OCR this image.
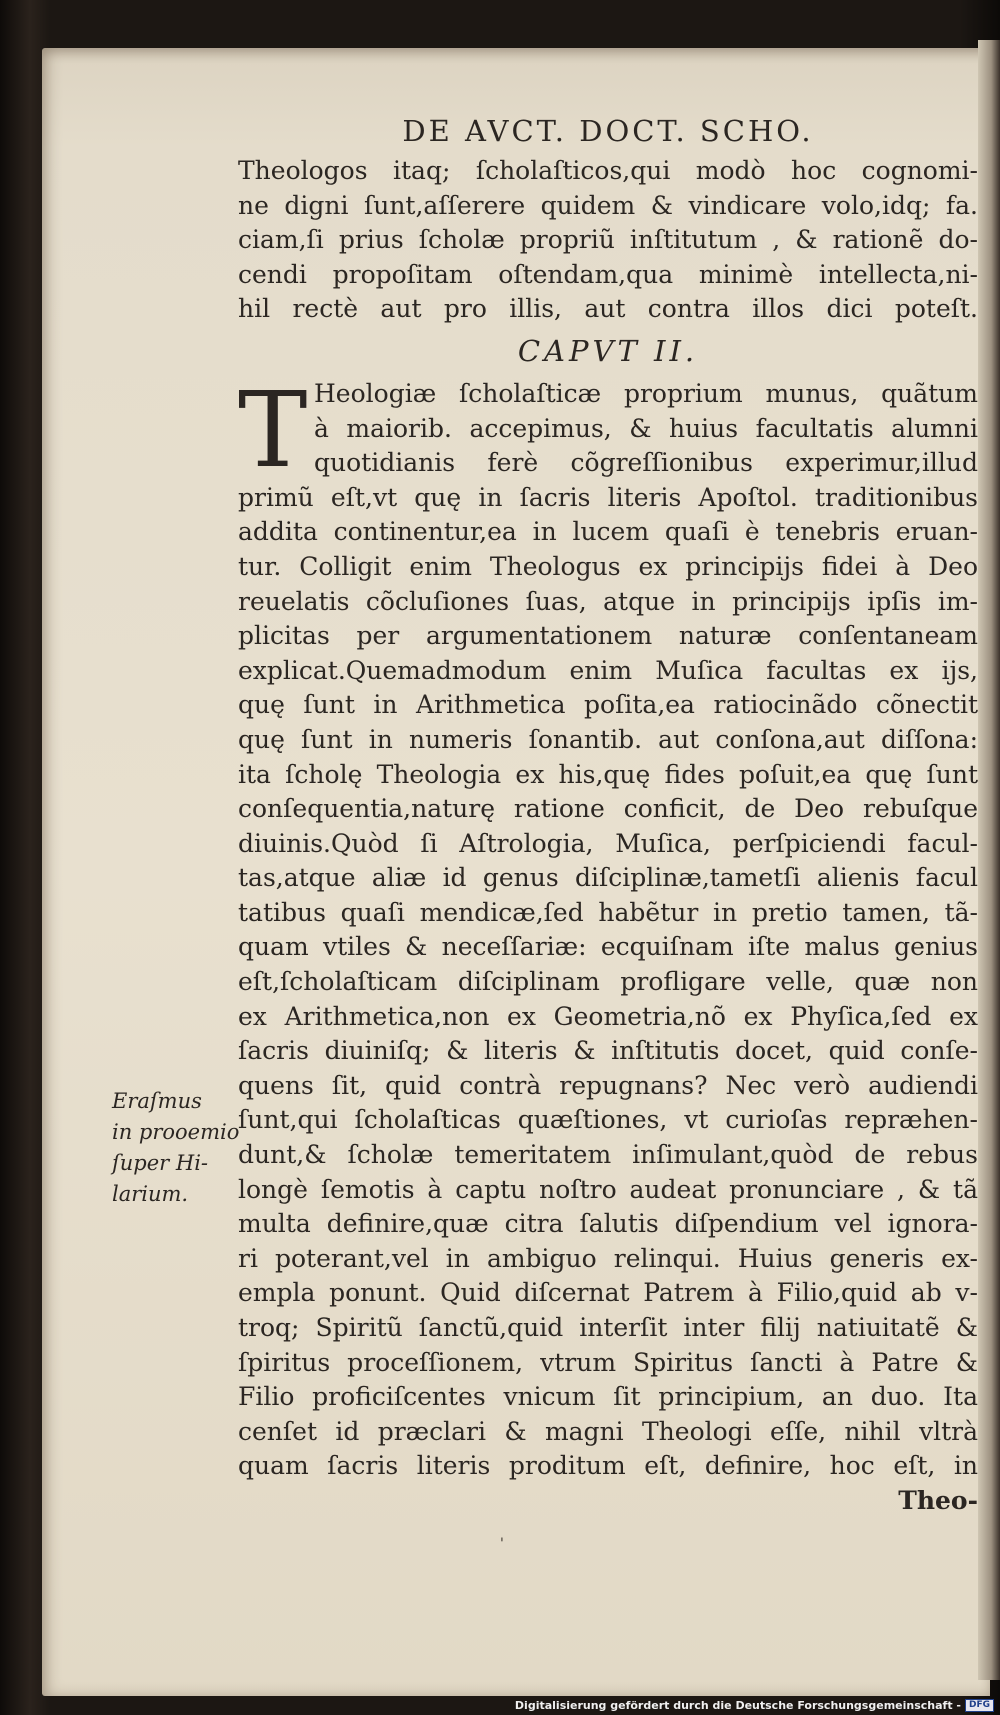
DE AVCT. DOCT. SCHO.
Theologos itaq; ſcholaſticos,qui modò hoc cognomi-
ne digni ſunt,aſſerere quidem & vindicare volo,idq; fa.
ciam,ſi prius ſcholæ propriũ inſtitutum , & rationẽ do-
cendi propoſitam oſtendam,qua minimè intellecta,ni-
hil rectè aut pro illis, aut contra illos dici poteſt.
CAPVT II.
T Heologiæ ſcholaſticæ proprium munus, quãtum
à maiorib. accepimus, & huius facultatis alumni
quotidianis ferè cõgreſſionibus experimur,illud
primũ eſt,vt quę in ſacris literis Apoſtol. traditionibus
addita continentur,ea in lucem quaſi è tenebris eruan-
tur. Colligit enim Theologus ex principijs fidei à Deo
reuelatis cõcluſiones ſuas, atque in principijs ipſis im-
plicitas per argumentationem naturæ conſentaneam
explicat.Quemadmodum enim Muſica facultas ex ijs,
quę ſunt in Arithmetica poſita,ea ratiocinãdo cõnectit
quę ſunt in numeris ſonantib. aut conſona,aut diſſona:
ita ſcholę Theologia ex his,quę fides poſuit,ea quę ſunt
conſequentia,naturę ratione conficit, de Deo rebuſque
diuinis.Quòd ſi Aſtrologia, Muſica, perſpiciendi facul-
tas,atque aliæ id genus diſciplinæ,tametſi alienis facul
tatibus quaſi mendicæ,ſed habẽtur in pretio tamen, tã-
quam vtiles & neceſſariæ: ecquiſnam iſte malus genius
eſt,ſcholaſticam diſciplinam profligare velle, quæ non
ex Arithmetica,non ex Geometria,nõ ex Phyſica,ſed ex
ſacris diuiniſq; & literis & inſtitutis docet, quid conſe-
quens ſit, quid contrà repugnans? Nec verò audiendi
ſunt,qui ſcholaſticas quæſtiones, vt curioſas repræhen-
dunt,& ſcholæ temeritatem inſimulant,quòd de rebus
longè ſemotis à captu noſtro audeat pronunciare , & tã
multa definire,quæ citra ſalutis diſpendium vel ignora-
ri poterant,vel in ambiguo relinqui. Huius generis ex-
empla ponunt. Quid diſcernat Patrem à Filio,quid ab v-
troq; Spiritũ ſanctũ,quid interſit inter filij natiuitatẽ &
ſpiritus proceſſionem, vtrum Spiritus ſancti à Patre &
Filio proficiſcentes vnicum ſit principium, an duo. Ita
cenſet id præclari & magni Theologi eſſe, nihil vltrà
quam ſacris literis proditum eſt, definire, hoc eſt, in
Theo-
Eraſmus
in prooemio
ſuper Hi-
larium.
'
Digitalisierung gefördert durch die Deutsche Forschungsgemeinschaft - DFG
